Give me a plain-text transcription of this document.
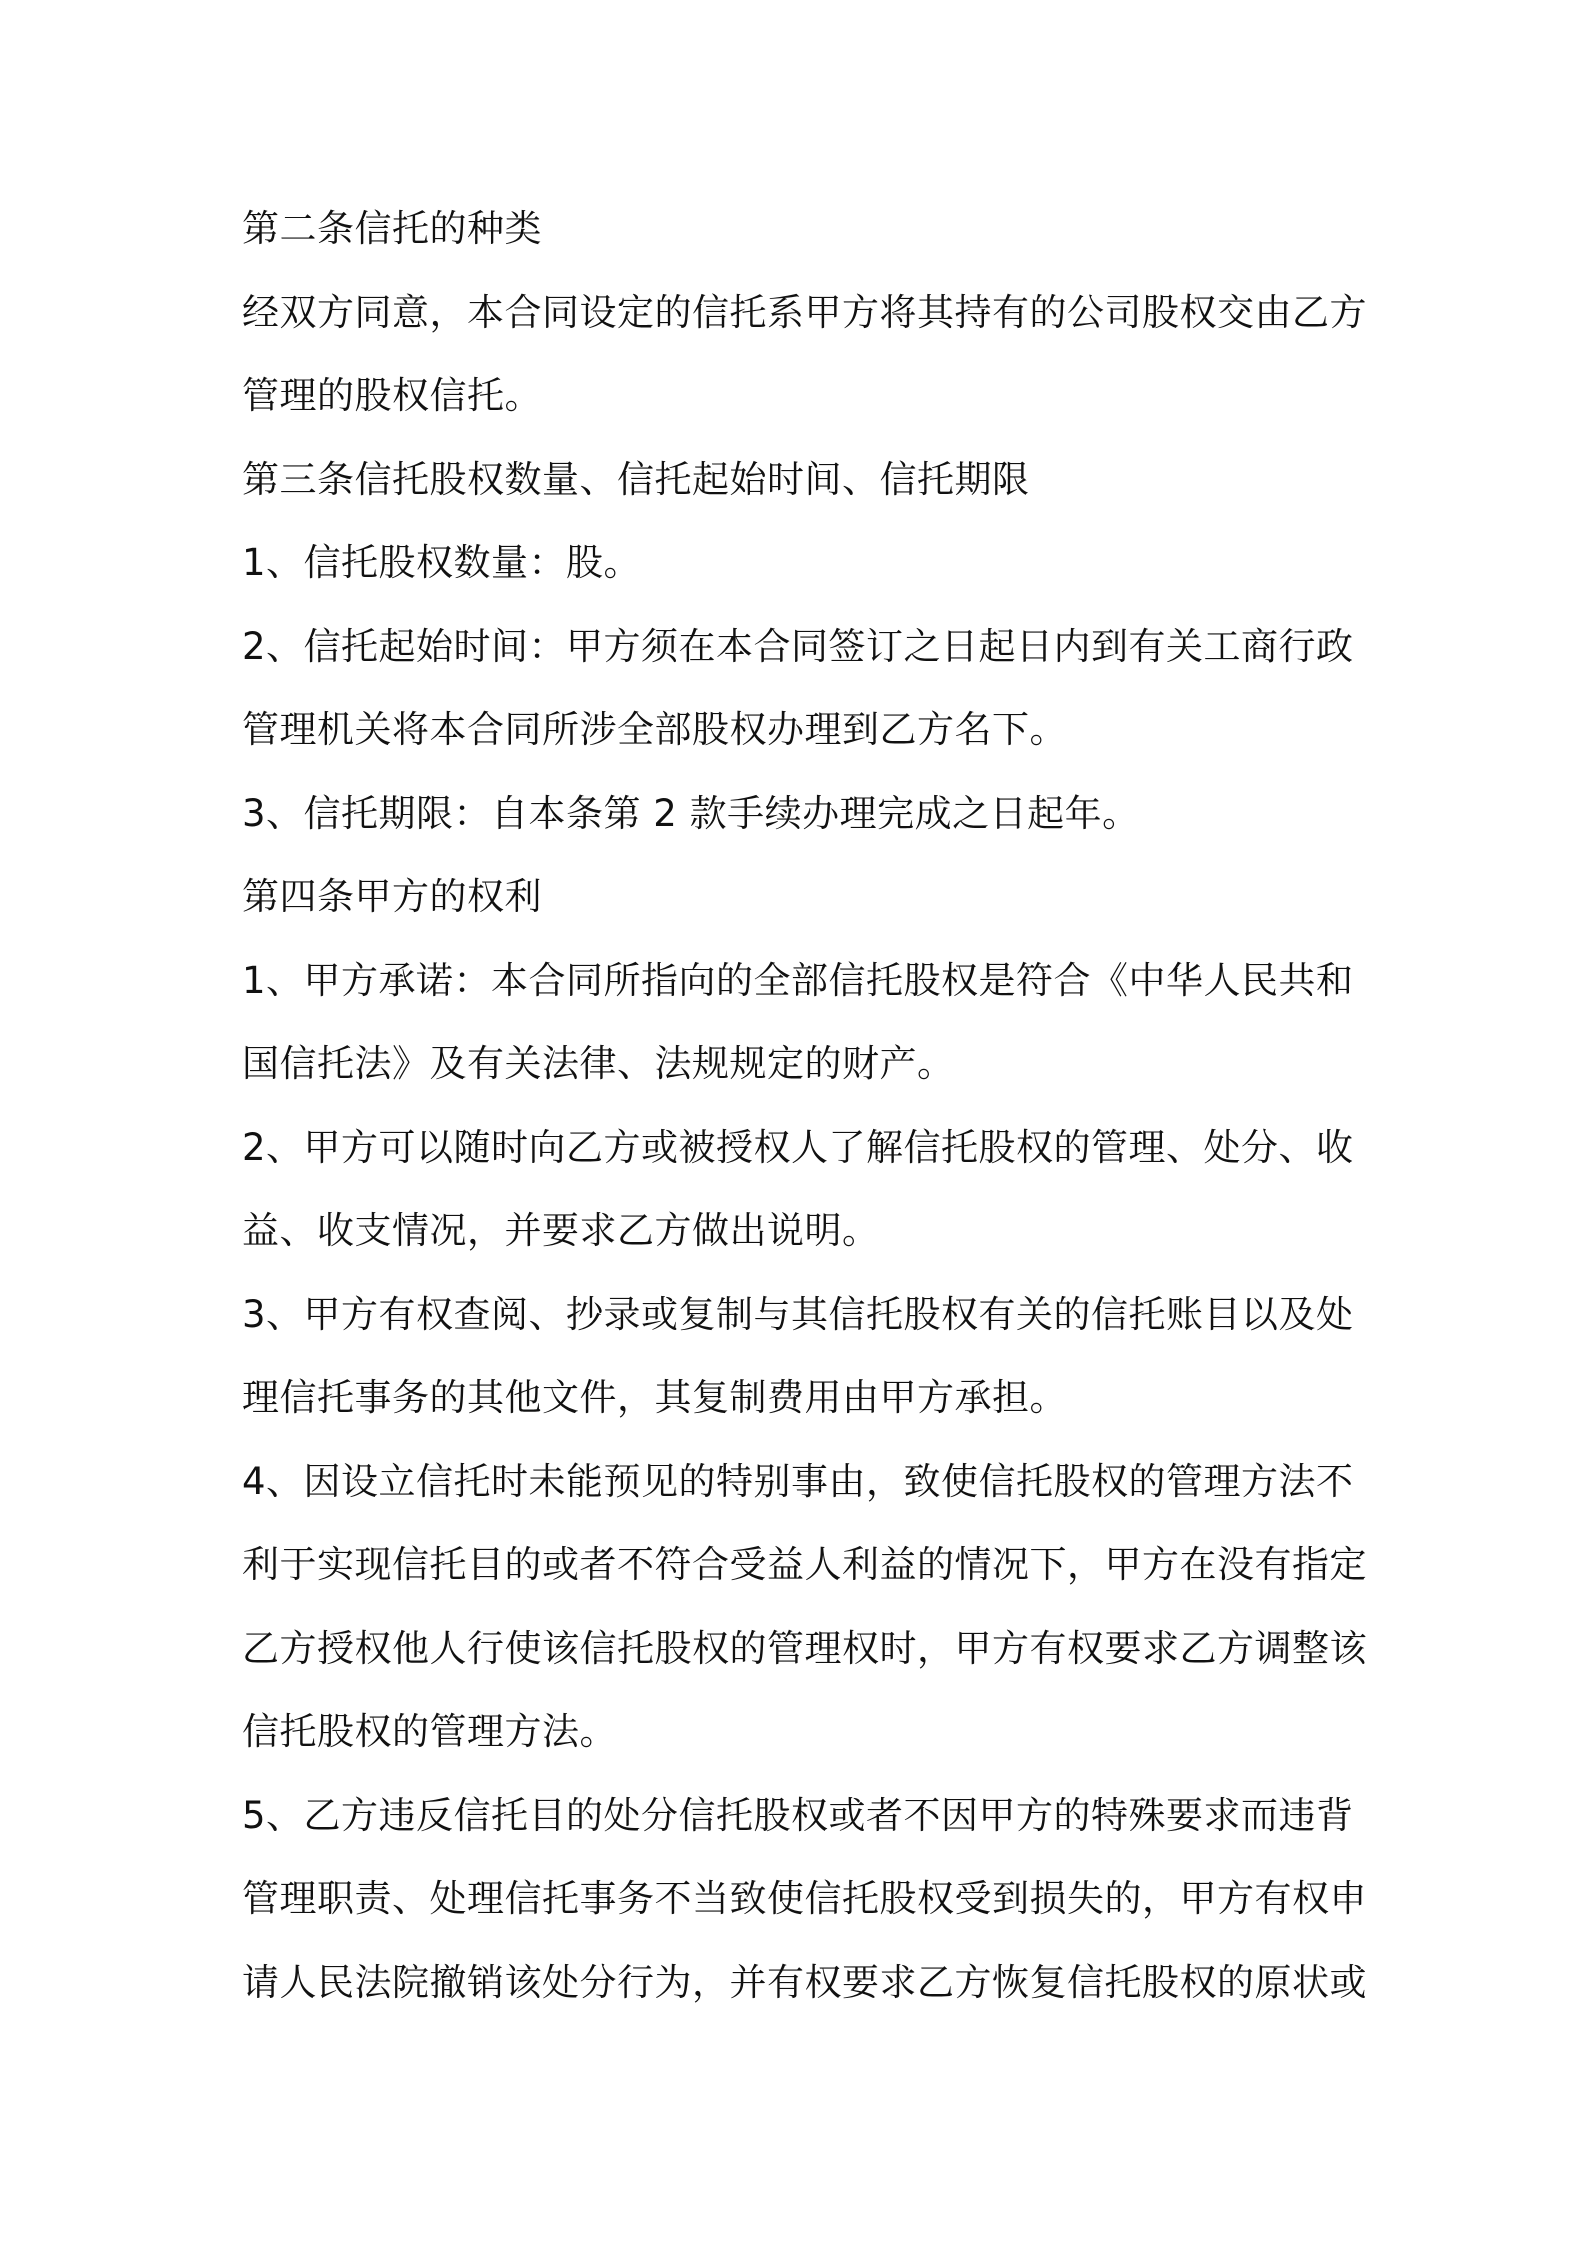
第二条信托的种类
经双方同意，本合同设定的信托系甲方将其持有的公司股权交由乙方
管理的股权信托。
第三条信托股权数量、信托起始时间、信托期限
1、信托股权数量：股。
2、信托起始时间：甲方须在本合同签订之日起日内到有关工商行政
管理机关将本合同所涉全部股权办理到乙方名下。
3、信托期限：自本条第 2 款手续办理完成之日起年。
第四条甲方的权利
1、甲方承诺：本合同所指向的全部信托股权是符合《中华人民共和
国信托法》及有关法律、法规规定的财产。
2、甲方可以随时向乙方或被授权人了解信托股权的管理、处分、收
益、收支情况，并要求乙方做出说明。
3、甲方有权查阅、抄录或复制与其信托股权有关的信托账目以及处
理信托事务的其他文件，其复制费用由甲方承担。
4、因设立信托时未能预见的特别事由，致使信托股权的管理方法不
利于实现信托目的或者不符合受益人利益的情况下，甲方在没有指定
乙方授权他人行使该信托股权的管理权时，甲方有权要求乙方调整该
信托股权的管理方法。
5、乙方违反信托目的处分信托股权或者不因甲方的特殊要求而违背
管理职责、处理信托事务不当致使信托股权受到损失的，甲方有权申
请人民法院撤销该处分行为，并有权要求乙方恢复信托股权的原状或
